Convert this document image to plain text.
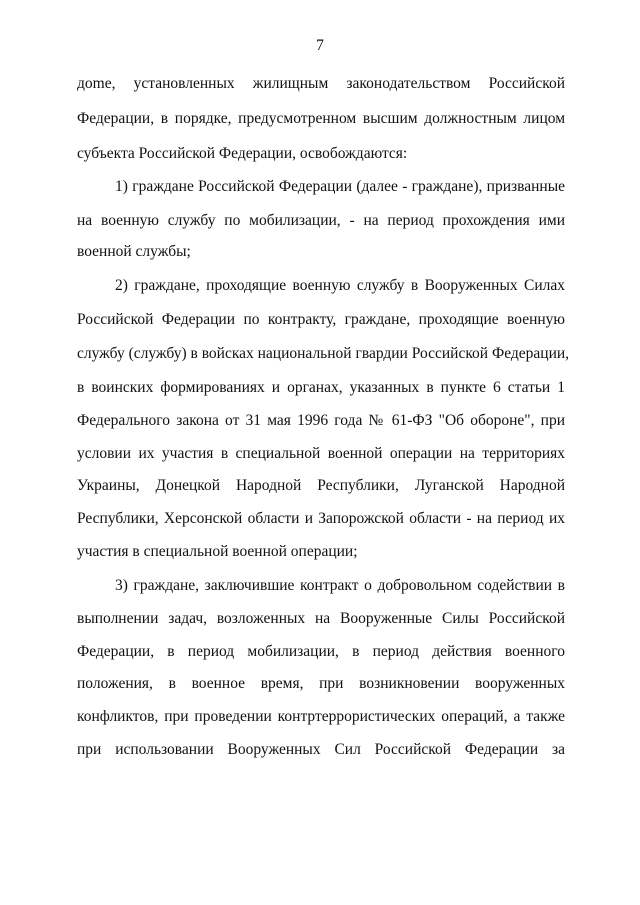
7
дome, установленных жилищным законодательством Российской
Федерации, в порядке, предусмотренном высшим должностным лицом
субъекта Российской Федерации, освобождаются:
1) граждане Российской Федерации (далее - граждане), призванные
на военную службу по мобилизации, - на период прохождения ими
военной службы;
2) граждане, проходящие военную службу в Вооруженных Силах
Российской Федерации по контракту, граждане, проходящие военную
службу (службу) в войсках национальной гвардии Российской Федерации,
в воинских формированиях и органах, указанных в пункте 6 статьи 1
Федерального закона от 31 мая 1996 года № 61-ФЗ "Об обороне", при
условии их участия в специальной военной операции на территориях
Украины, Донецкой Народной Республики, Луганской Народной
Республики, Херсонской области и Запорожской области - на период их
участия в специальной военной операции;
3) граждане, заключившие контракт о добровольном содействии в
выполнении задач, возложенных на Вооруженные Силы Российской
Федерации, в период мобилизации, в период действия военного
положения, в военное время, при возникновении вооруженных
конфликтов, при проведении контртеррористических операций, а также
при использовании Вооруженных Сил Российской Федерации за
